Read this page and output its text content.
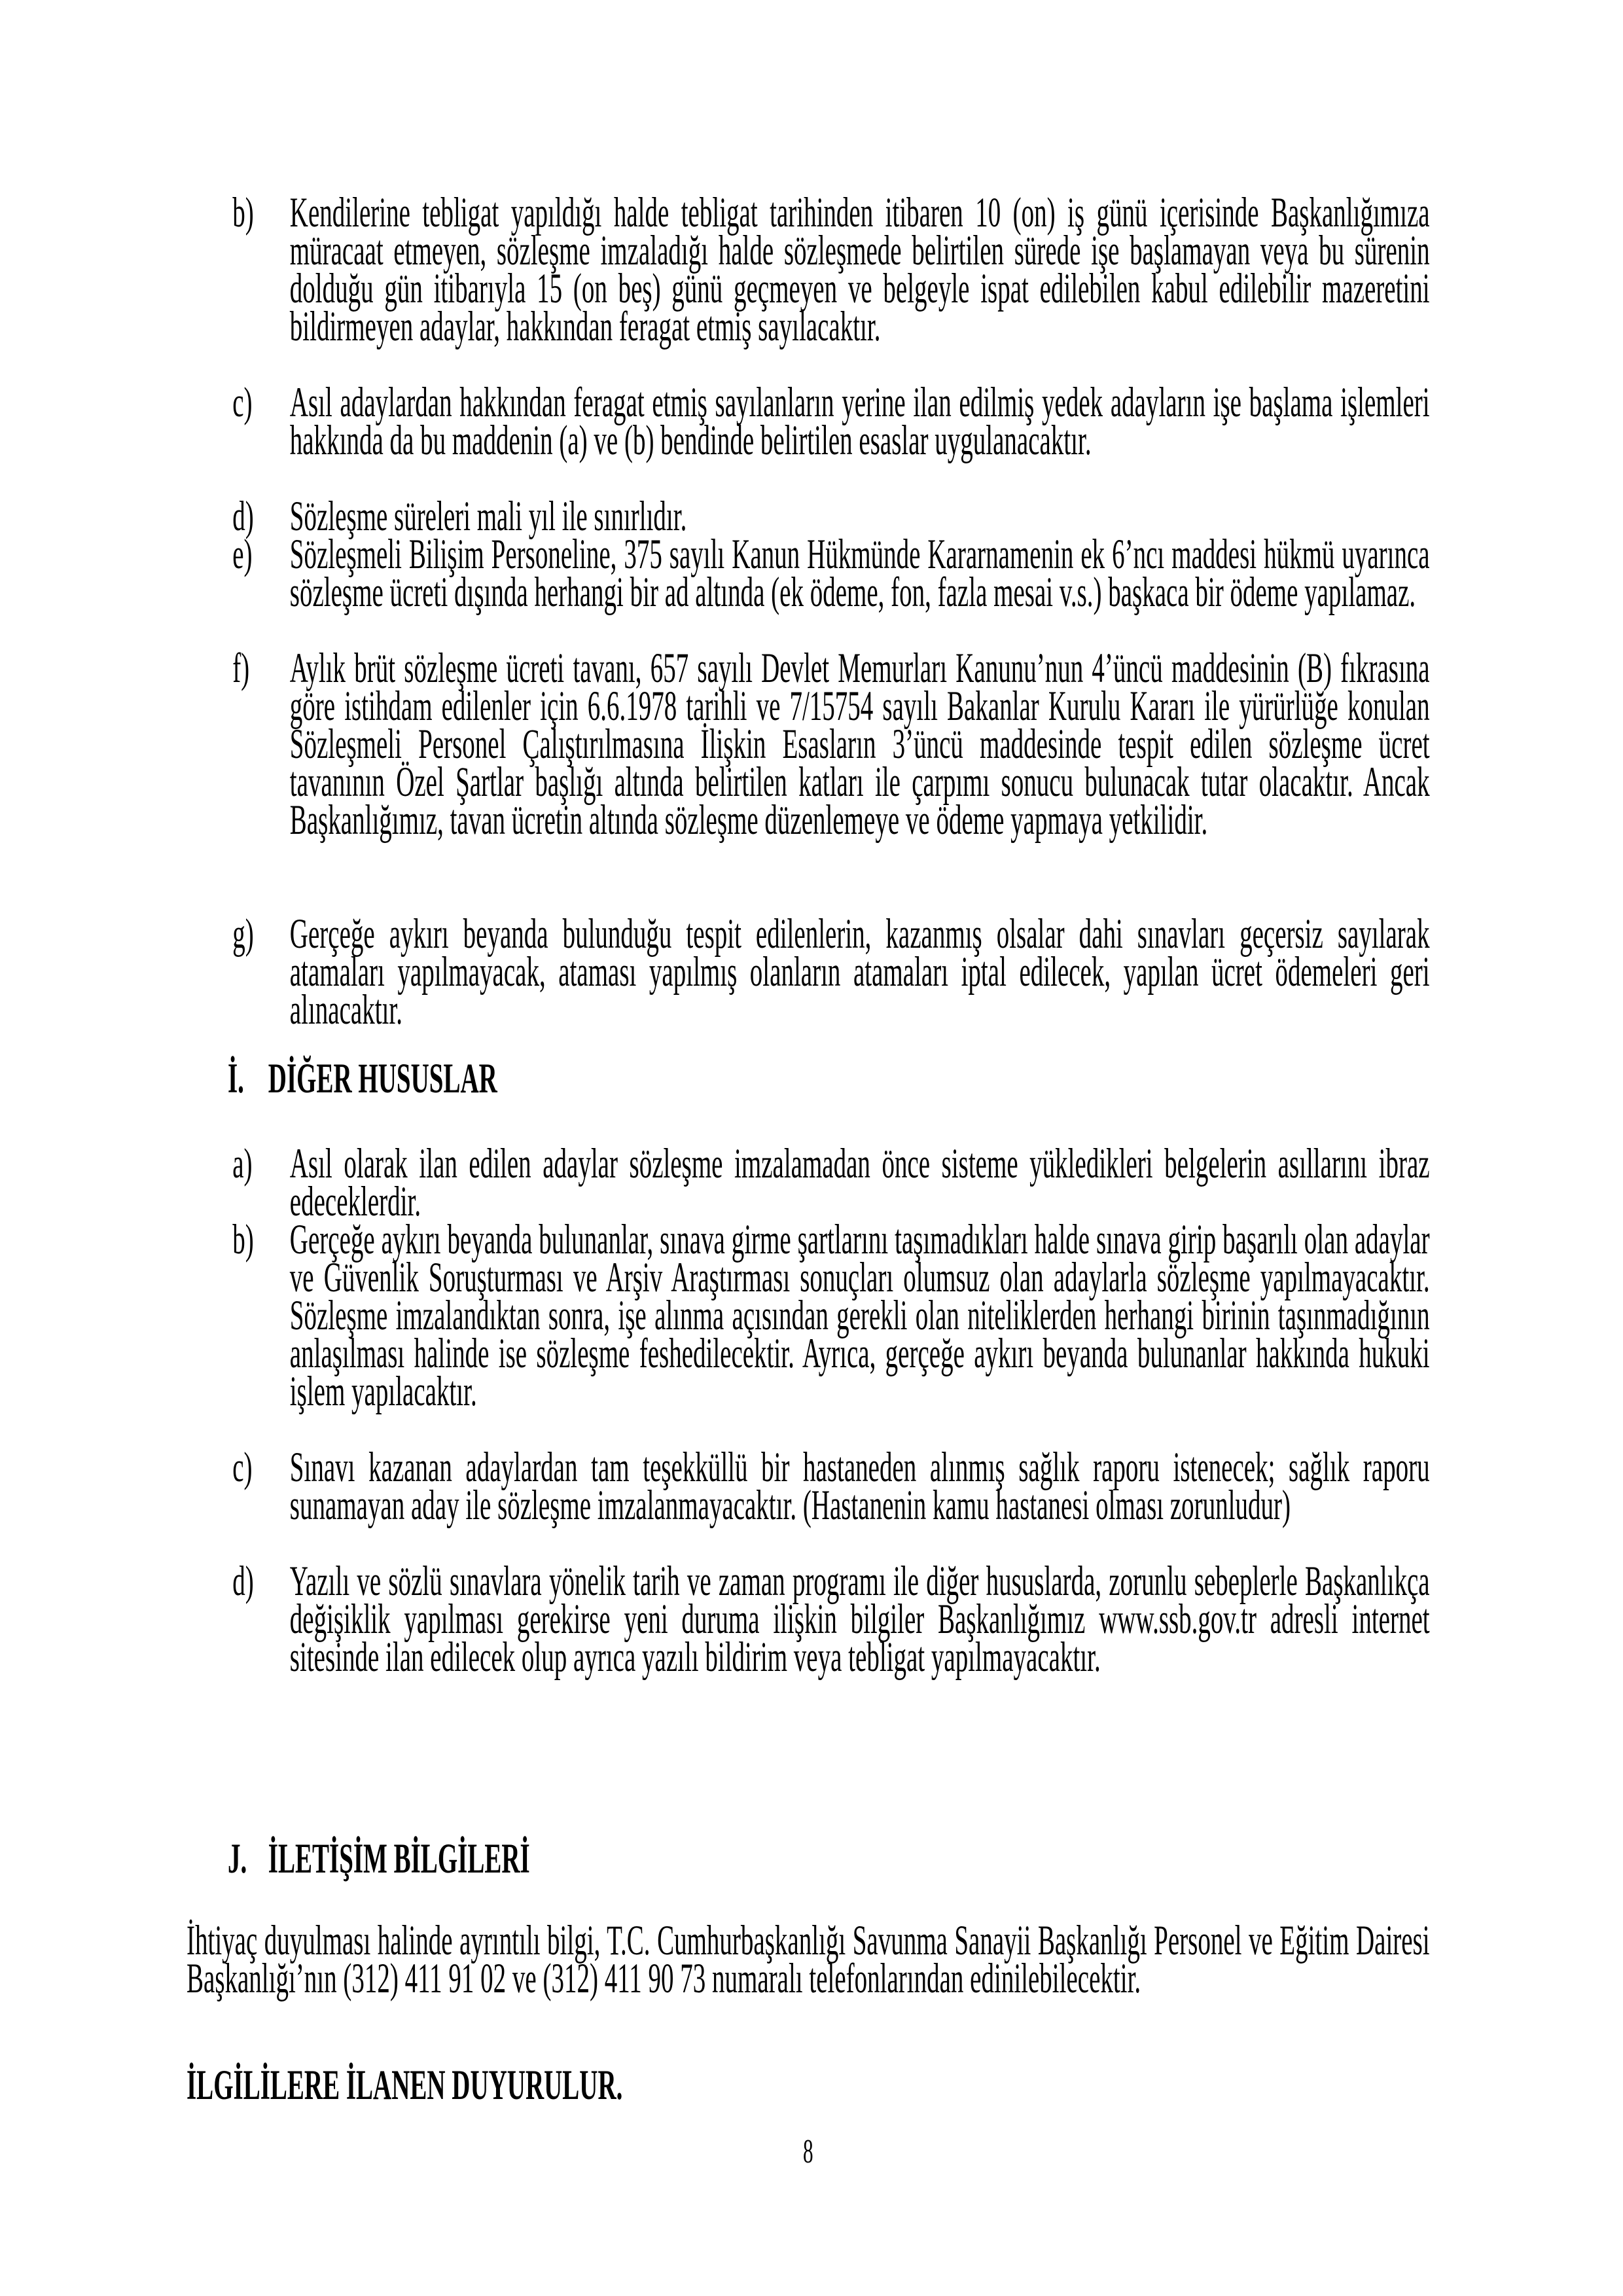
b) Kendilerine tebligat yapıldığı halde tebligat tarihinden itibaren 10 (on) iş günü içerisinde Başkanlığımıza müracaat etmeyen, sözleşme imzaladığı halde sözleşmede belirtilen sürede işe başlamayan veya bu sürenin dolduğu gün itibarıyla 15 (on beş) günü geçmeyen ve belgeyle ispat edilebilen kabul edilebilir mazeretini bildirmeyen adaylar, hakkından feragat etmiş sayılacaktır.
c) Asıl adaylardan hakkından feragat etmiş sayılanların yerine ilan edilmiş yedek adayların işe başlama işlemleri hakkında da bu maddenin (a) ve (b) bendinde belirtilen esaslar uygulanacaktır.
d) Sözleşme süreleri mali yıl ile sınırlıdır.
e) Sözleşmeli Bilişim Personeline, 375 sayılı Kanun Hükmünde Kararnamenin ek 6’ncı maddesi hükmü uyarınca sözleşme ücreti dışında herhangi bir ad altında (ek ödeme, fon, fazla mesai v.s.) başkaca bir ödeme yapılamaz.
f) Aylık brüt sözleşme ücreti tavanı, 657 sayılı Devlet Memurları Kanunu’nun 4’üncü maddesinin (B) fıkrasına göre istihdam edilenler için 6.6.1978 tarihli ve 7/15754 sayılı Bakanlar Kurulu Kararı ile yürürlüğe konulan Sözleşmeli Personel Çalıştırılmasına İlişkin Esasların 3’üncü maddesinde tespit edilen sözleşme ücret tavanının Özel Şartlar başlığı altında belirtilen katları ile çarpımı sonucu bulunacak tutar olacaktır. Ancak Başkanlığımız, tavan ücretin altında sözleşme düzenlemeye ve ödeme yapmaya yetkilidir.
g) Gerçeğe aykırı beyanda bulunduğu tespit edilenlerin, kazanmış olsalar dahi sınavları geçersiz sayılarak atamaları yapılmayacak, ataması yapılmış olanların atamaları iptal edilecek, yapılan ücret ödemeleri geri alınacaktır.
İ. DİĞER HUSUSLAR
a) Asıl olarak ilan edilen adaylar sözleşme imzalamadan önce sisteme yükledikleri belgelerin asıllarını ibraz edeceklerdir.
b) Gerçeğe aykırı beyanda bulunanlar, sınava girme şartlarını taşımadıkları halde sınava girip başarılı olan adaylar ve Güvenlik Soruşturması ve Arşiv Araştırması sonuçları olumsuz olan adaylarla sözleşme yapılmayacaktır. Sözleşme imzalandıktan sonra, işe alınma açısından gerekli olan niteliklerden herhangi birinin taşınmadığının anlaşılması halinde ise sözleşme feshedilecektir. Ayrıca, gerçeğe aykırı beyanda bulunanlar hakkında hukuki işlem yapılacaktır.
c) Sınavı kazanan adaylardan tam teşekküllü bir hastaneden alınmış sağlık raporu istenecek; sağlık raporu sunamayan aday ile sözleşme imzalanmayacaktır. (Hastanenin kamu hastanesi olması zorunludur)
d) Yazılı ve sözlü sınavlara yönelik tarih ve zaman programı ile diğer hususlarda, zorunlu sebeplerle Başkanlıkça değişiklik yapılması gerekirse yeni duruma ilişkin bilgiler Başkanlığımız www.ssb.gov.tr adresli internet sitesinde ilan edilecek olup ayrıca yazılı bildirim veya tebligat yapılmayacaktır.
J. İLETİŞİM BİLGİLERİ

İhtiyaç duyulması halinde ayrıntılı bilgi, T.C. Cumhurbaşkanlığı Savunma Sanayii Başkanlığı Personel ve Eğitim Dairesi Başkanlığı’nın (312) 411 91 02 ve (312) 411 90 73 numaralı telefonlarından edinilebilecektir.

İLGİLİLERE İLANEN DUYURULUR.

8
